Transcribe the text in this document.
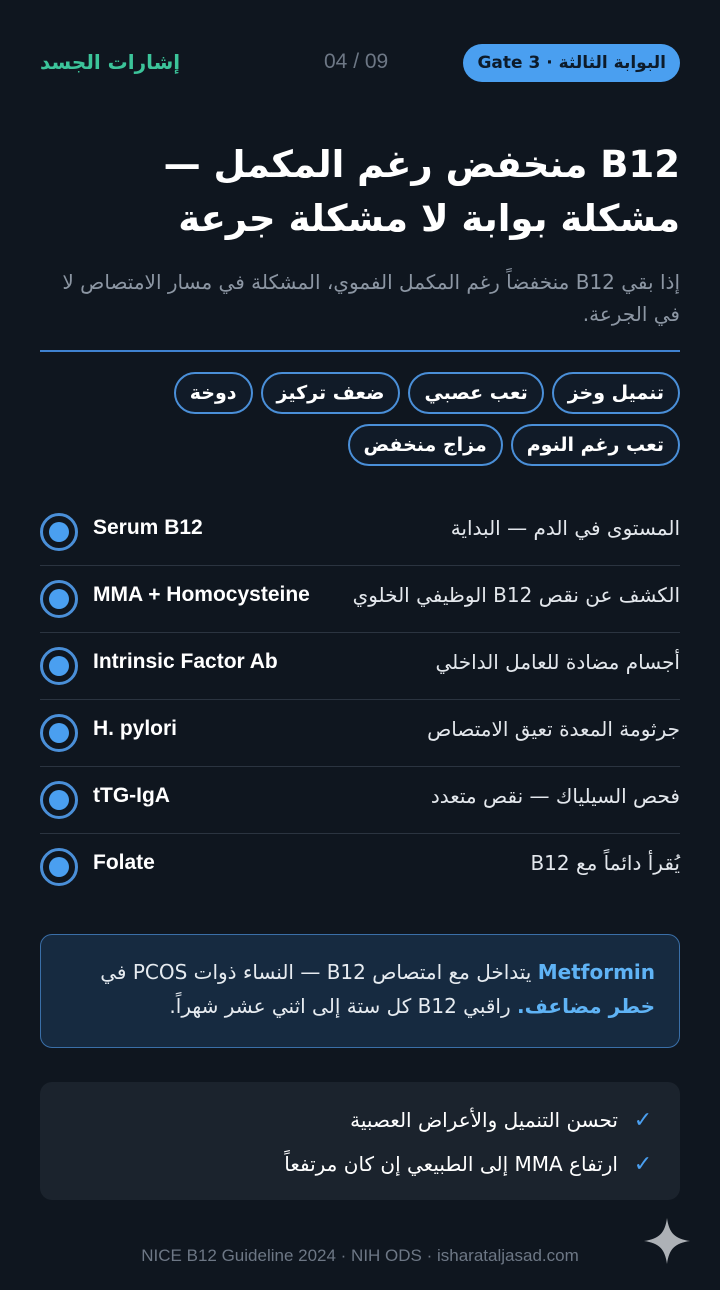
البوابة الثالثة · Gate 3
04 / 09
إشارات الجسد
B12 منخفض رغم المكمل —
مشكلة بوابة لا مشكلة جرعة

إذا بقي B12 منخفضاً رغم المكمل الفموي، المشكلة في مسار الامتصاص لا في الجرعة.

تنميل وخز
تعب عصبي
ضعف تركيز
دوخة
تعب رغم النوم
مزاج منخفض
المستوى في الدم — البداية
Serum B12
الكشف عن نقص B12 الوظيفي الخلوي
MMA + Homocysteine
أجسام مضادة للعامل الداخلي
Intrinsic Factor Ab
جرثومة المعدة تعيق الامتصاص
H. pylori
فحص السيلياك — نقص متعدد
tTG-IgA
يُقرأ دائماً مع B12
Folate
Metformin يتداخل مع امتصاص B12 — النساء ذوات PCOS في خطر مضاعف. راقبي B12 كل ستة إلى اثني عشر شهراً.
✓
تحسن التنميل والأعراض العصبية
✓
ارتفاع MMA إلى الطبيعي إن كان مرتفعاً
NICE B12 Guideline 2024 · NIH ODS · isharataljasad.com
